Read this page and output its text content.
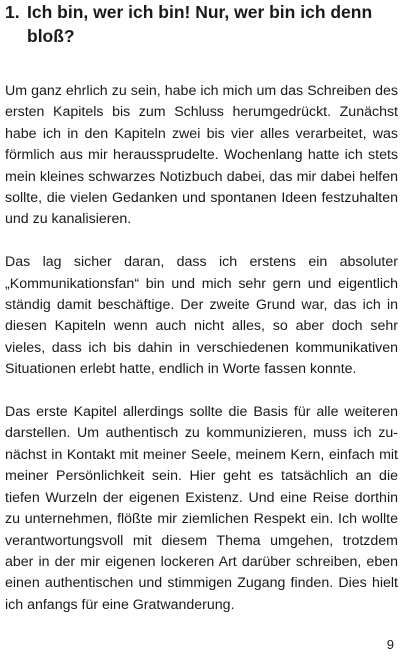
1. Ich bin, wer ich bin! Nur, wer bin ich denn bloß?

Um ganz ehrlich zu sein, habe ich mich um das Schreiben des ersten Kapitels bis zum Schluss herumgedrückt. Zunächst habe ich in den Kapiteln zwei bis vier alles verarbeitet, was förmlich aus mir heraussprudelte. Wochenlang hatte ich stets mein kleines schwarzes Notizbuch dabei, das mir dabei helfen sollte, die vielen Gedanken und spontanen Ideen festzuhalten und zu kanalisieren.

Das lag sicher daran, dass ich erstens ein absoluter „Kommunikationsfan“ bin und mich sehr gern und eigentlich ständig damit beschäftige. Der zweite Grund war, das ich in diesen Kapiteln wenn auch nicht alles, so aber doch sehr vieles, dass ich bis dahin in verschiedenen kommunikativen Situationen erlebt hatte, endlich in Worte fassen konnte.

Das erste Kapitel allerdings sollte die Basis für alle weiteren darstellen. Um authentisch zu kommunizieren, muss ich zunächst in Kontakt mit meiner Seele, meinem Kern, einfach mit meiner Persönlichkeit sein. Hier geht es tatsächlich an die tiefen Wurzeln der eigenen Existenz. Und eine Reise dorthin zu unternehmen, flößte mir ziemlichen Respekt ein. Ich wollte verantwortungsvoll mit diesem Thema umgehen, trotzdem aber in der mir eigenen lockeren Art darüber schreiben, eben einen authentischen und stimmigen Zugang finden. Dies hielt ich anfangs für eine Gratwanderung.

9
